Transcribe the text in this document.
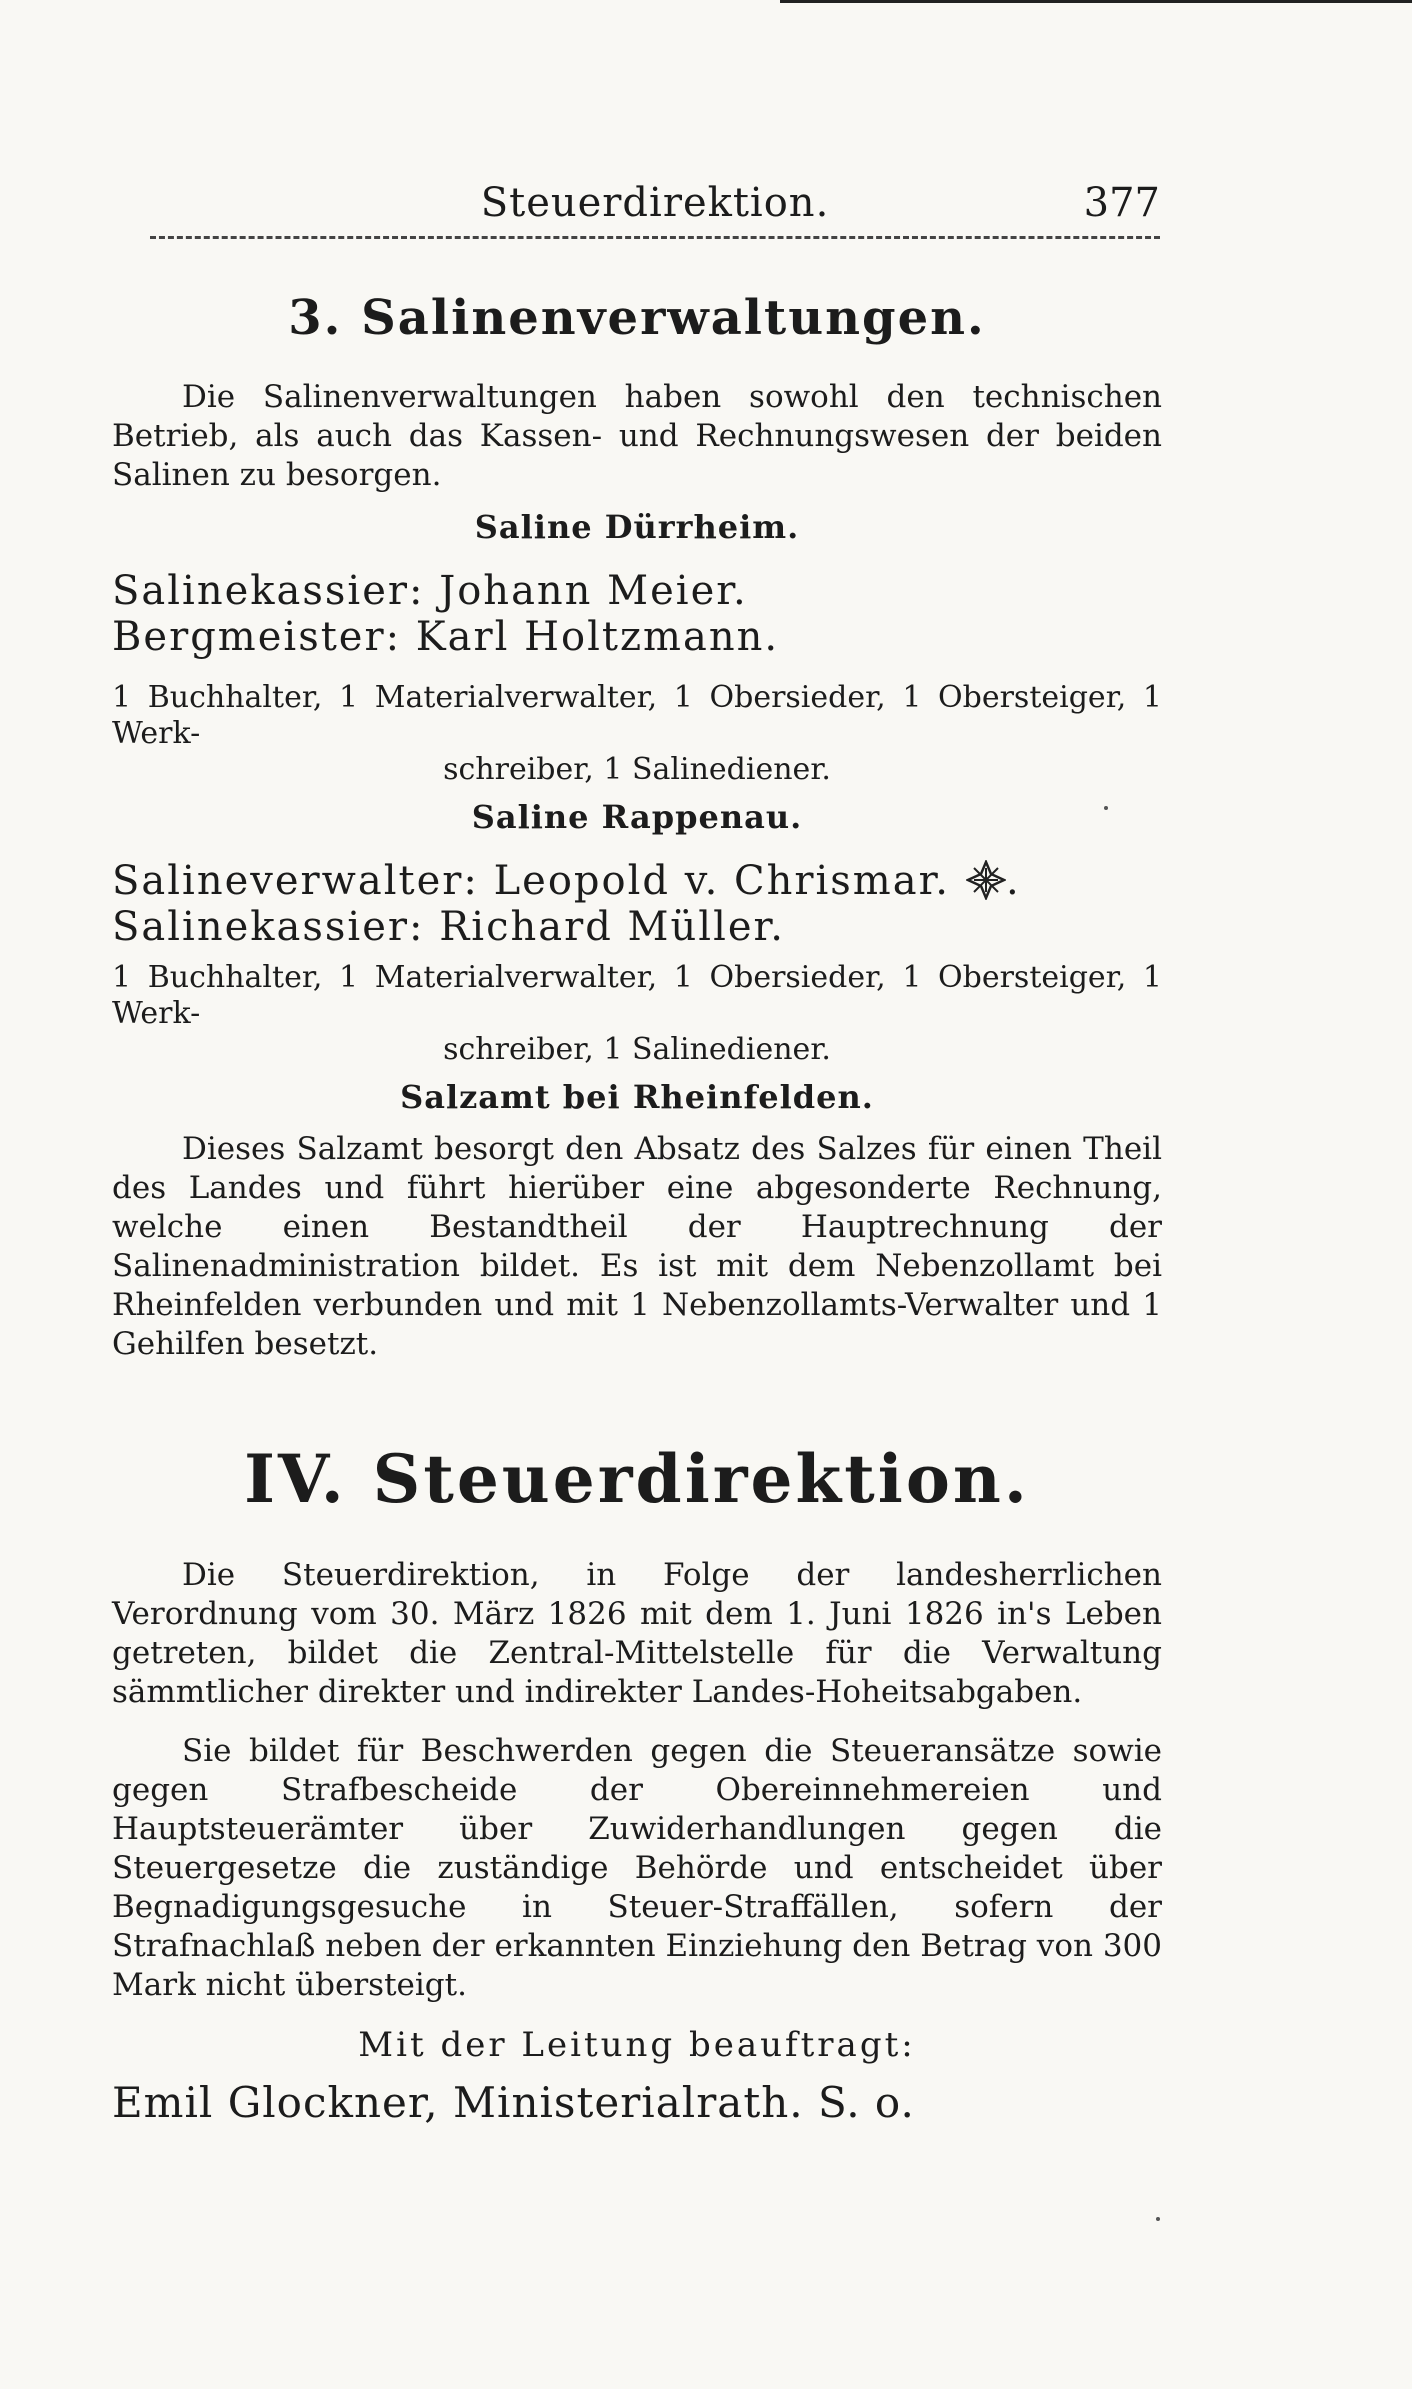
Steuerdirektion.	377
3. Salinenverwaltungen.
Die Salinenverwaltungen haben sowohl den technischen Betrieb, als auch das Kassen- und Rechnungswesen der beiden Salinen zu besorgen.
Saline Dürrheim.
Salinekassier: Johann Meier.
Bergmeister: Karl Holtzmann.
1 Buchhalter, 1 Materialverwalter, 1 Obersieder, 1 Obersteiger, 1 Werk-
schreiber, 1 Salinediener.
Saline Rappenau.
Salineverwalter: Leopold v. Chrismar. .
Salinekassier: Richard Müller.
1 Buchhalter, 1 Materialverwalter, 1 Obersieder, 1 Obersteiger, 1 Werk-
schreiber, 1 Salinediener.
Salzamt bei Rheinfelden.
Dieses Salzamt besorgt den Absatz des Salzes für einen Theil des Landes und führt hierüber eine abgesonderte Rechnung, welche einen Bestandtheil der Hauptrechnung der Salinenadministration bildet. Es ist mit dem Nebenzollamt bei Rheinfelden verbunden und mit 1 Nebenzollamts-Verwalter und 1 Gehilfen besetzt.
IV. Steuerdirektion.
Die Steuerdirektion, in Folge der landesherrlichen Verordnung vom 30. März 1826 mit dem 1. Juni 1826 in's Leben getreten, bildet die Zentral-Mittelstelle für die Verwaltung sämmtlicher direkter und indirekter Landes-Hoheitsabgaben.
Sie bildet für Beschwerden gegen die Steueransätze sowie gegen Strafbescheide der Obereinnehmereien und Hauptsteuerämter über Zuwiderhandlungen gegen die Steuergesetze die zuständige Behörde und entscheidet über Begnadigungsgesuche in Steuer-Straffällen, sofern der Strafnachlaß neben der erkannten Einziehung den Betrag von 300 Mark nicht übersteigt.
Mit der Leitung beauftragt:
Emil Glockner, Ministerialrath. S. o.
